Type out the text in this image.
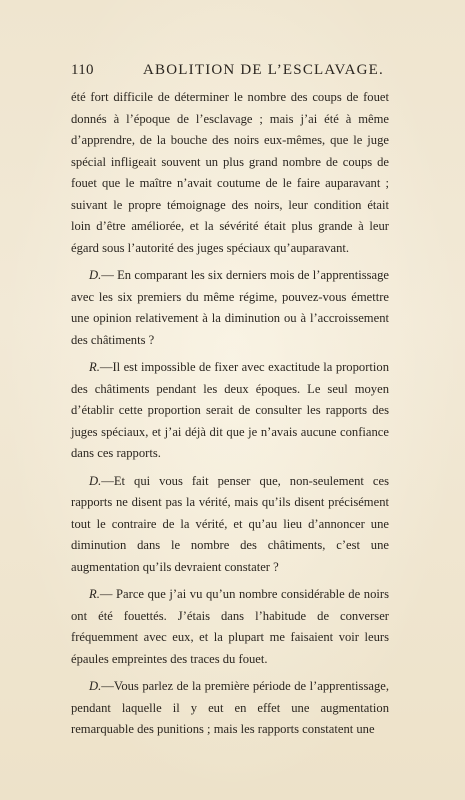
110	ABOLITION DE L’ESCLAVAGE.

été fort difficile de déterminer le nombre des coups de fouet donnés à l’époque de l’esclavage ; mais j’ai été à même d’apprendre, de la bouche des noirs eux-mêmes, que le juge spécial infligeait souvent un plus grand nombre de coups de fouet que le maître n’avait coutume de le faire auparavant ; suivant le propre témoignage des noirs, leur condition était loin d’être améliorée, et la sévérité était plus grande à leur égard sous l’autorité des juges spéciaux qu’auparavant.

D.— En comparant les six derniers mois de l’apprentissage avec les six premiers du même régime, pouvez-vous émettre une opinion relativement à la diminution ou à l’accroissement des châtiments ?

R.—Il est impossible de fixer avec exactitude la proportion des châtiments pendant les deux époques. Le seul moyen d’établir cette proportion serait de consulter les rapports des juges spéciaux, et j’ai déjà dit que je n’avais aucune confiance dans ces rapports.

D.—Et qui vous fait penser que, non-seulement ces rapports ne disent pas la vérité, mais qu’ils disent précisément tout le contraire de la vérité, et qu’au lieu d’annoncer une diminution dans le nombre des châtiments, c’est une augmentation qu’ils devraient constater ?

R.— Parce que j’ai vu qu’un nombre considérable de noirs ont été fouettés. J’étais dans l’habitude de converser fréquemment avec eux, et la plupart me faisaient voir leurs épaules empreintes des traces du fouet.

D.—Vous parlez de la première période de l’apprentissage, pendant laquelle il y eut en effet une augmentation remarquable des punitions ; mais les rapports constatent une
